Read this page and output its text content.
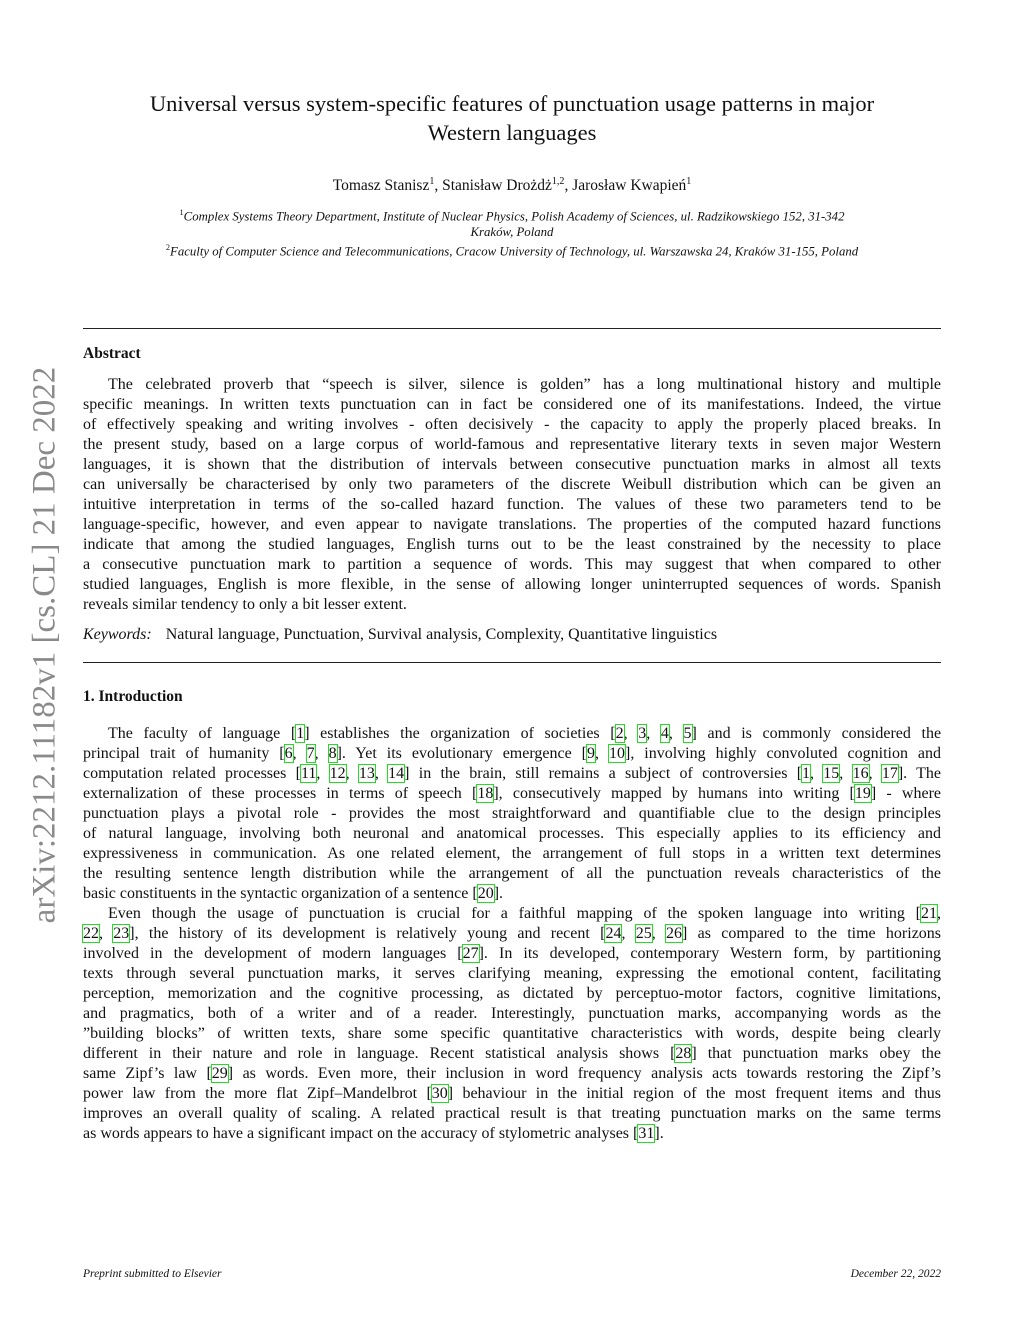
arXiv:2212.11182v1 [cs.CL] 21 Dec 2022
Universal versus system-specific features of punctuation usage patterns in major
Western languages
Tomasz Stanisz$^1$, Stanisław Drożdż$^{1,2}$, Jarosław Kwapień$^1$
$^1$Complex Systems Theory Department, Institute of Nuclear Physics, Polish Academy of Sciences, ul. Radzikowskiego 152, 31-342
Kraków, Poland
$^2$Faculty of Computer Science and Telecommunications, Cracow University of Technology, ul. Warszawska 24, Kraków 31-155, Poland
Abstract
The celebrated proverb that “speech is silver, silence is golden” has a long multinational history and multiple
specific meanings. In written texts punctuation can in fact be considered one of its manifestations. Indeed, the virtue
of effectively speaking and writing involves - often decisively - the capacity to apply the properly placed breaks. In
the present study, based on a large corpus of world-famous and representative literary texts in seven major Western
languages, it is shown that the distribution of intervals between consecutive punctuation marks in almost all texts
can universally be characterised by only two parameters of the discrete Weibull distribution which can be given an
intuitive interpretation in terms of the so-called hazard function. The values of these two parameters tend to be
language-specific, however, and even appear to navigate translations. The properties of the computed hazard functions
indicate that among the studied languages, English turns out to be the least constrained by the necessity to place
a consecutive punctuation mark to partition a sequence of words. This may suggest that when compared to other
studied languages, English is more flexible, in the sense of allowing longer uninterrupted sequences of words. Spanish
reveals similar tendency to only a bit lesser extent.
Keywords: Natural language, Punctuation, Survival analysis, Complexity, Quantitative linguistics
1. Introduction
The faculty of language [1] establishes the organization of societies [2, 3, 4, 5] and is commonly considered the
principal trait of humanity [6, 7, 8]. Yet its evolutionary emergence [9, 10], involving highly convoluted cognition and
computation related processes [11, 12, 13, 14] in the brain, still remains a subject of controversies [1, 15, 16, 17]. The
externalization of these processes in terms of speech [18], consecutively mapped by humans into writing [19] - where
punctuation plays a pivotal role - provides the most straightforward and quantifiable clue to the design principles
of natural language, involving both neuronal and anatomical processes. This especially applies to its efficiency and
expressiveness in communication. As one related element, the arrangement of full stops in a written text determines
the resulting sentence length distribution while the arrangement of all the punctuation reveals characteristics of the
basic constituents in the syntactic organization of a sentence [20].
Even though the usage of punctuation is crucial for a faithful mapping of the spoken language into writing [21,
22, 23], the history of its development is relatively young and recent [24, 25, 26] as compared to the time horizons
involved in the development of modern languages [27]. In its developed, contemporary Western form, by partitioning
texts through several punctuation marks, it serves clarifying meaning, expressing the emotional content, facilitating
perception, memorization and the cognitive processing, as dictated by perceptuo-motor factors, cognitive limitations,
and pragmatics, both of a writer and of a reader. Interestingly, punctuation marks, accompanying words as the
”building blocks” of written texts, share some specific quantitative characteristics with words, despite being clearly
different in their nature and role in language. Recent statistical analysis shows [28] that punctuation marks obey the
same Zipf’s law [29] as words. Even more, their inclusion in word frequency analysis acts towards restoring the Zipf’s
power law from the more flat Zipf–Mandelbrot [30] behaviour in the initial region of the most frequent items and thus
improves an overall quality of scaling. A related practical result is that treating punctuation marks on the same terms
as words appears to have a significant impact on the accuracy of stylometric analyses [31].
Preprint submitted to Elsevier	December 22, 2022
